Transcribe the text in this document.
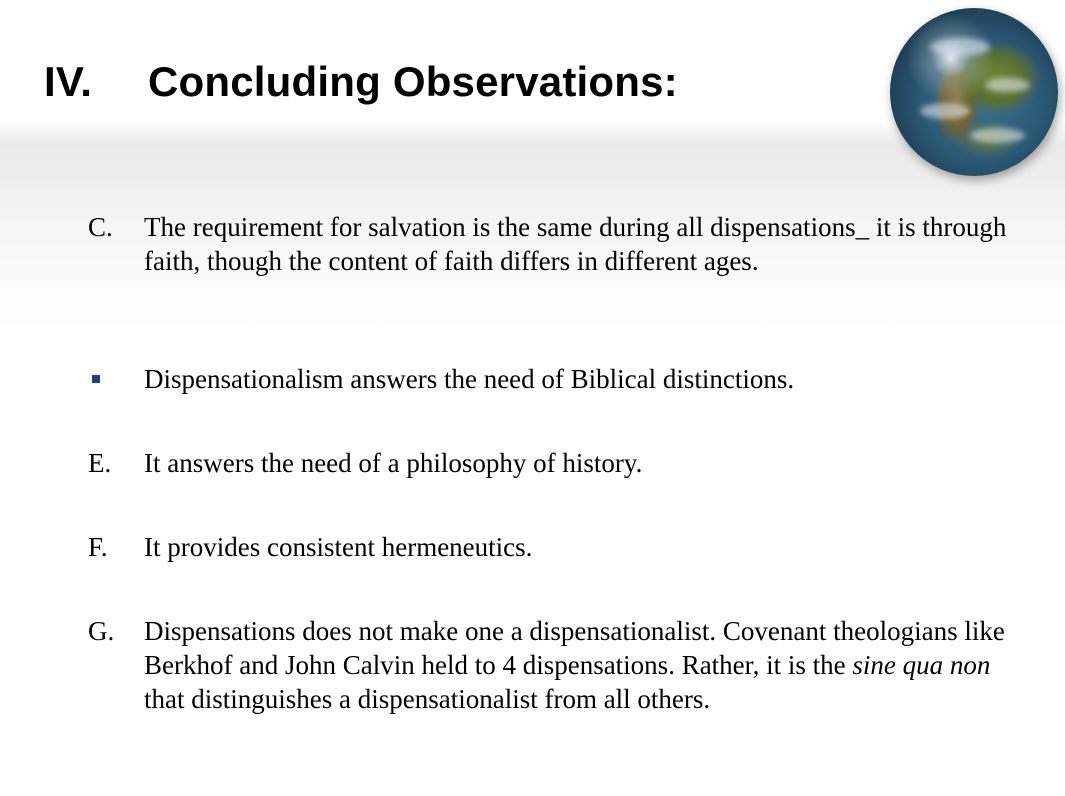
IV. Concluding Observations:
C.	The requirement for salvation is the same during all dispensations_ it is through faith, though the content of faith differs in different ages.
Dispensationalism answers the need of Biblical distinctions.
E.	It answers the need of a philosophy of history.
F.	It provides consistent hermeneutics.
G.	Dispensations does not make one a dispensationalist. Covenant theologians like Berkhof and John Calvin held to 4 dispensations. Rather, it is the sine qua non that distinguishes a dispensationalist from all others.
